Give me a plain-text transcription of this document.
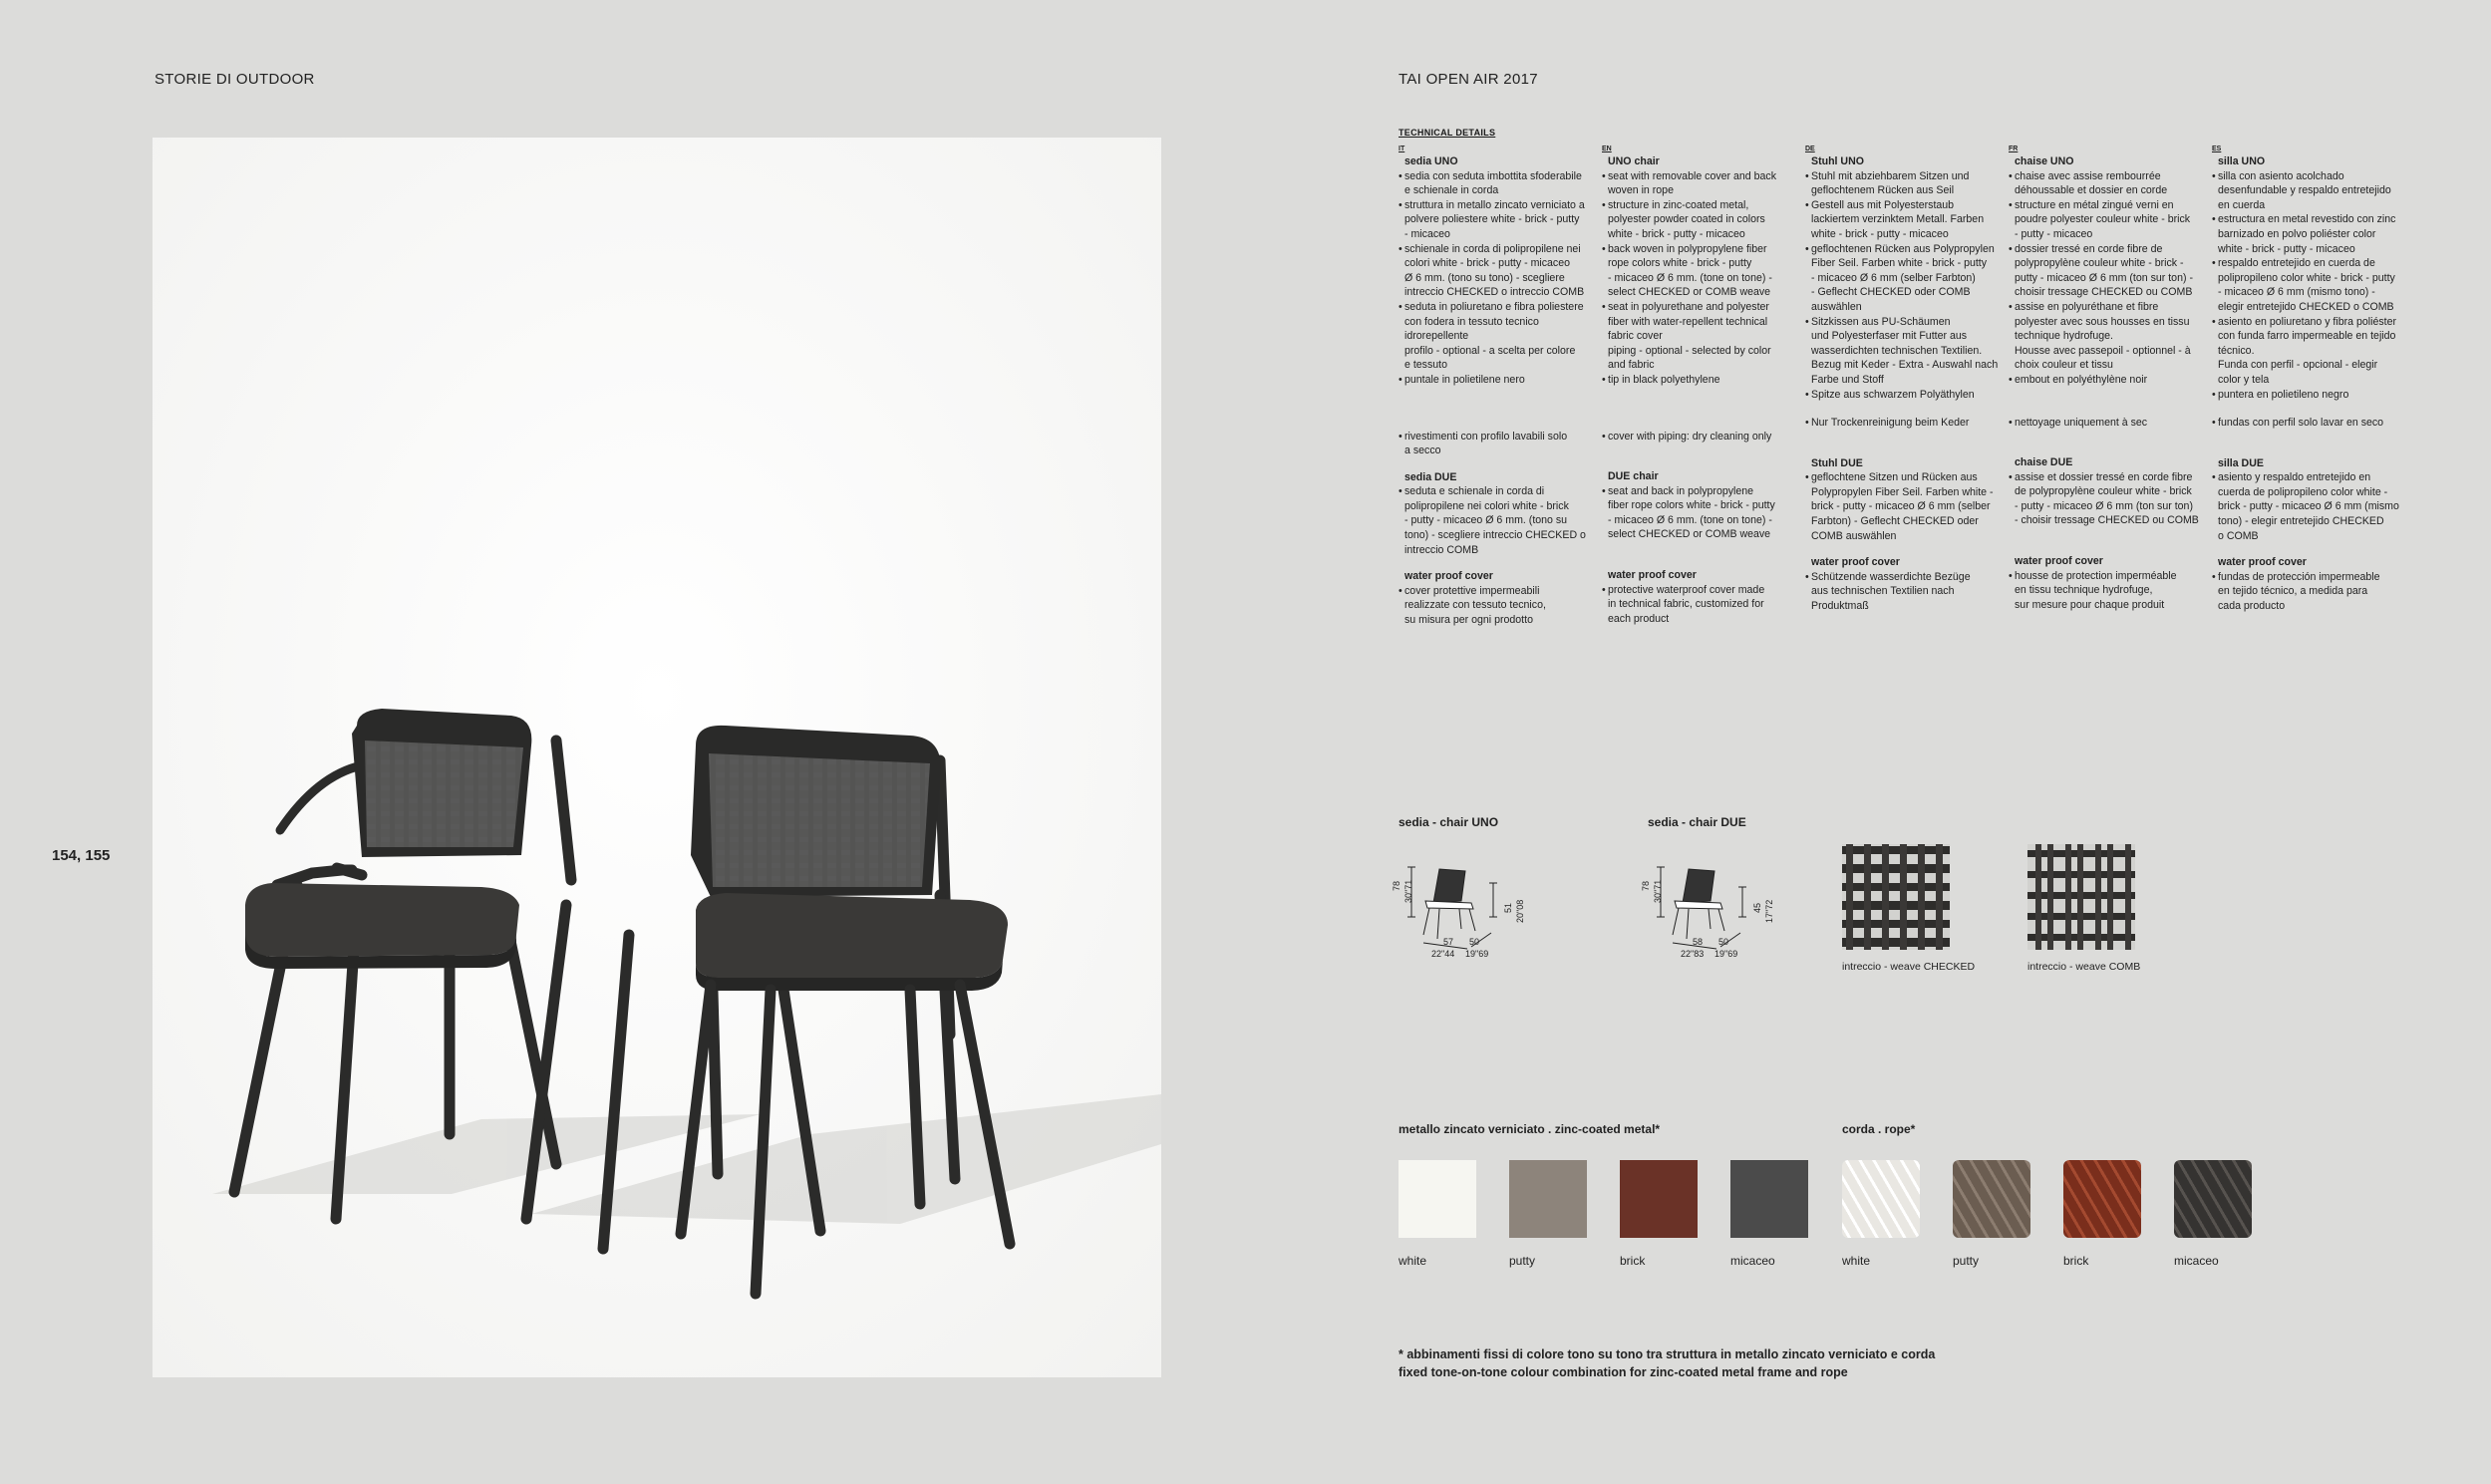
STORIE DI OUTDOOR	TAI OPEN AIR 2017
154, 155
TECHNICAL DETAILS
IT
sedia UNO
• sedia con seduta imbottita sfoderabile
e schienale in corda
• struttura in metallo zincato verniciato a
polvere poliestere white - brick - putty
- micaceo
• schienale in corda di polipropilene nei
colori white - brick - putty - micaceo
Ø 6 mm. (tono su tono) - scegliere
intreccio CHECKED o intreccio COMB
• seduta in poliuretano e fibra poliestere
con fodera in tessuto tecnico
idrorepellente
profilo - optional - a scelta per colore
e tessuto
• puntale in polietilene nero
• rivestimenti con profilo lavabili solo
a secco
sedia DUE
• seduta e schienale in corda di
polipropilene nei colori white - brick
- putty - micaceo Ø 6 mm. (tono su
tono) - scegliere intreccio CHECKED o
intreccio COMB
water proof cover
• cover protettive impermeabili
realizzate con tessuto tecnico,
su misura per ogni prodotto
EN
UNO chair
• seat with removable cover and back
woven in rope
• structure in zinc-coated metal,
polyester powder coated in colors
white - brick - putty - micaceo
• back woven in polypropylene fiber
rope colors white - brick - putty
- micaceo Ø 6 mm. (tone on tone) -
select CHECKED or COMB weave
• seat in polyurethane and polyester
fiber with water-repellent technical
fabric cover
piping - optional - selected by color
and fabric
• tip in black polyethylene
• cover with piping: dry cleaning only
DUE chair
• seat and back in polypropylene
fiber rope colors white - brick - putty
- micaceo Ø 6 mm. (tone on tone) -
select CHECKED or COMB weave
water proof cover
• protective waterproof cover made
in technical fabric, customized for
each product
DE
Stuhl UNO
• Stuhl mit abziehbarem Sitzen und
geflochtenem Rücken aus Seil
• Gestell aus mit Polyesterstaub
lackiertem verzinktem Metall. Farben
white - brick - putty - micaceo
• geflochtenen Rücken aus Polypropylen
Fiber Seil. Farben white - brick - putty
- micaceo Ø 6 mm (selber Farbton)
- Geflecht CHECKED oder COMB
auswählen
• Sitzkissen aus PU-Schäumen
und Polyesterfaser mit Futter aus
wasserdichten technischen Textilien.
Bezug mit Keder - Extra - Auswahl nach
Farbe und Stoff
• Spitze aus schwarzem Polyäthylen
• Nur Trockenreinigung beim Keder
Stuhl DUE
• geflochtene Sitzen und Rücken aus
Polypropylen Fiber Seil. Farben white -
brick - putty - micaceo Ø 6 mm (selber
Farbton) - Geflecht CHECKED oder
COMB auswählen
water proof cover
• Schützende wasserdichte Bezüge
aus technischen Textilien nach
Produktmaß
FR
chaise UNO
• chaise avec assise rembourrée
déhoussable et dossier en corde
• structure en métal zingué verni en
poudre polyester couleur white - brick
- putty - micaceo
• dossier tressé en corde fibre de
polypropylène couleur white - brick -
putty - micaceo Ø 6 mm (ton sur ton) -
choisir tressage CHECKED ou COMB
• assise en polyuréthane et fibre
polyester avec sous housses en tissu
technique hydrofuge.
Housse avec passepoil - optionnel - à
choix couleur et tissu
• embout en polyéthylène noir
• nettoyage uniquement à sec
chaise DUE
• assise et dossier tressé en corde fibre
de polypropylène couleur white - brick
- putty - micaceo Ø 6 mm (ton sur ton)
- choisir tressage CHECKED ou COMB
water proof cover
• housse de protection imperméable
en tissu technique hydrofuge,
sur mesure pour chaque produit
ES
silla UNO
• silla con asiento acolchado
desenfundable y respaldo entretejido
en cuerda
• estructura en metal revestido con zinc
barnizado en polvo poliéster color
white - brick - putty - micaceo
• respaldo entretejido en cuerda de
polipropileno color white - brick - putty
- micaceo Ø 6 mm (mismo tono) -
elegir entretejido CHECKED o COMB
• asiento en poliuretano y fibra poliéster
con funda farro impermeable en tejido
técnico.
Funda con perfil - opcional - elegir
color y tela
• puntera en polietileno negro
• fundas con perfil solo lavar en seco
silla DUE
• asiento y respaldo entretejido en
cuerda de polipropileno color white -
brick - putty - micaceo Ø 6 mm (mismo
tono) - elegir entretejido CHECKED
o COMB
water proof cover
• fundas de protección impermeable
en tejido técnico, a medida para
cada producto
sedia - chair UNO	sedia - chair DUE
78 30"71
51 20"08
57
22"44
50
19"69
78 30"71
45 17"72
58
22"83
50
19"69
intreccio - weave CHECKED	intreccio - weave COMB
metallo zincato verniciato . zinc-coated metal*	corda . rope*
white	putty	brick	micaceo	white	putty	brick	micaceo
* abbinamenti fissi di colore tono su tono tra struttura in metallo zincato verniciato e corda
fixed tone-on-tone colour combination for zinc-coated metal frame and rope
